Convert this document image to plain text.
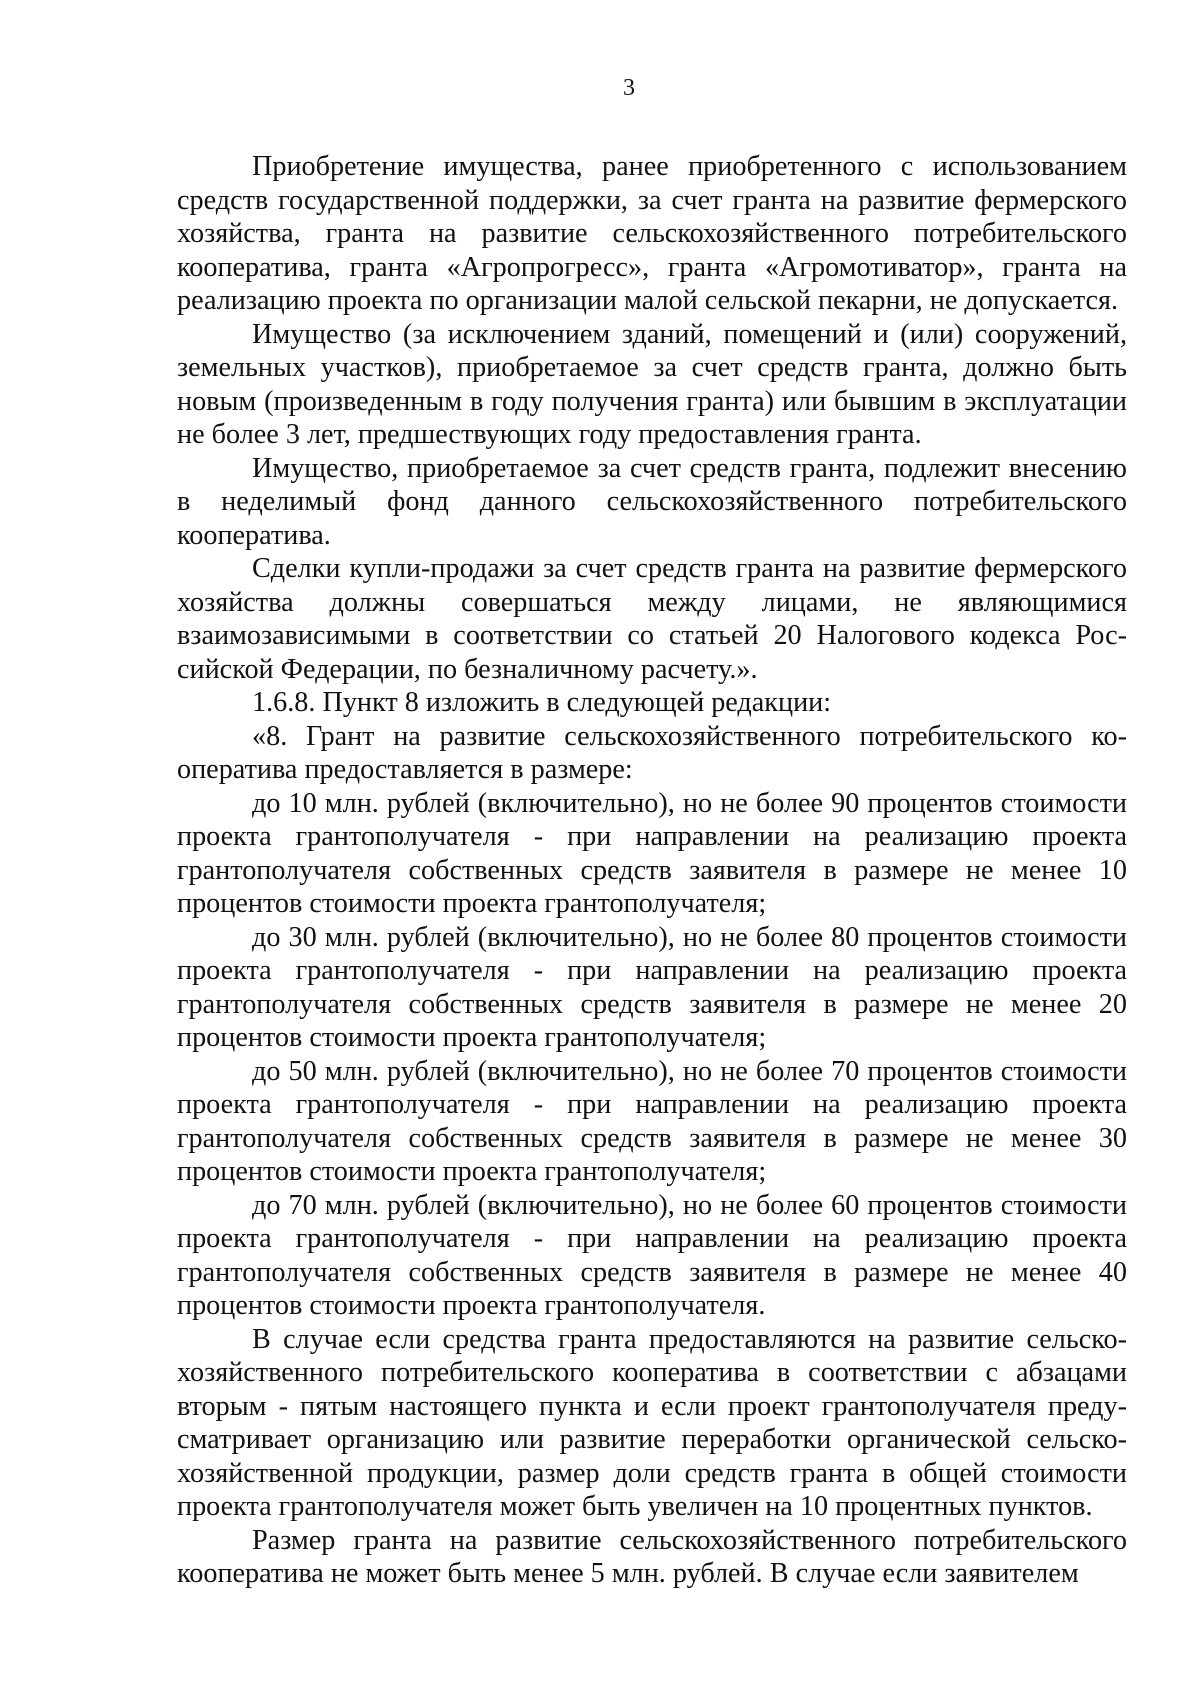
3

Приобретение имущества, ранее приобретенного с использованием средств государственной поддержки, за счет гранта на развитие фермерского хозяйства, гранта на развитие сельскохозяйственного потребительского кооператива, гранта «Агропрогресс», гранта «Агромотиватор», гранта на реализацию проекта по организации малой сельской пекарни, не допускается.

Имущество (за исключением зданий, помещений и (или) сооружений, земельных участков), приобретаемое за счет средств гранта, должно быть новым (произведенным в году получения гранта) или бывшим в эксплуатации не более 3 лет, предшествующих году предоставления гранта.

Имущество, приобретаемое за счет средств гранта, подлежит внесению в неделимый фонд данного сельскохозяйственного потребительского кооператива.

Сделки купли-продажи за счет средств гранта на развитие фермерского хозяйства должны совершаться между лицами, не являющимися взаимозависимыми в соответствии со статьей 20 Налогового кодекса Российской Федерации, по безналичному расчету.».

1.6.8. Пункт 8 изложить в следующей редакции:

«8. Грант на развитие сельскохозяйственного потребительского кооператива предоставляется в размере:

до 10 млн. рублей (включительно), но не более 90 процентов стоимости проекта грантополучателя - при направлении на реализацию проекта грантополучателя собственных средств заявителя в размере не менее 10 процентов стоимости проекта грантополучателя;

до 30 млн. рублей (включительно), но не более 80 процентов стоимости проекта грантополучателя - при направлении на реализацию проекта грантополучателя собственных средств заявителя в размере не менее 20 процентов стоимости проекта грантополучателя;

до 50 млн. рублей (включительно), но не более 70 процентов стоимости проекта грантополучателя - при направлении на реализацию проекта грантополучателя собственных средств заявителя в размере не менее 30 процентов стоимости проекта грантополучателя;

до 70 млн. рублей (включительно), но не более 60 процентов стоимости проекта грантополучателя - при направлении на реализацию проекта грантополучателя собственных средств заявителя в размере не менее 40 процентов стоимости проекта грантополучателя.

В случае если средства гранта предоставляются на развитие сельскохозяйственного потребительского кооператива в соответствии с абзацами вторым - пятым настоящего пункта и если проект грантополучателя предусматривает организацию или развитие переработки органической сельскохозяйственной продукции, размер доли средств гранта в общей стоимости проекта грантополучателя может быть увеличен на 10 процентных пунктов.

Размер гранта на развитие сельскохозяйственного потребительского кооператива не может быть менее 5 млн. рублей. В случае если заявителем
